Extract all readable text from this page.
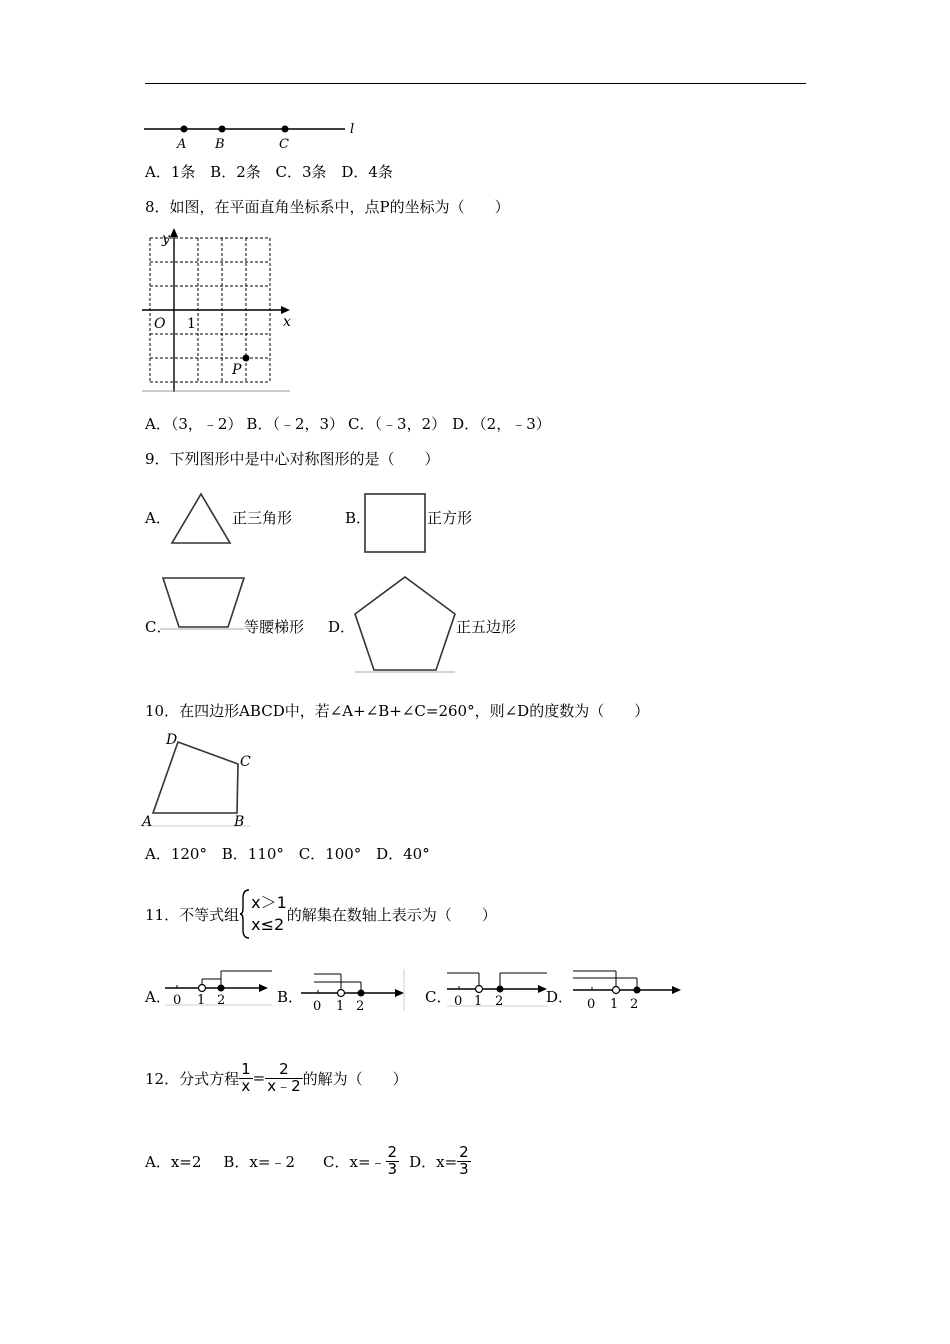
A B	C
l
A．1条 B．2条 C．3条 D．4条
8．如图，在平面直角坐标系中，点P的坐标为（　　）
y
x
O 1
P
A．（3，﹣2） B．（﹣2，3） C．（﹣3，2） D．（2，﹣3）
9．下列图形中是中心对称图形的是（　　）
A．	正三角形	B．	正方形
C．	等腰梯形 D．	正五边形
10．在四边形ABCD中，若∠A+∠B+∠C=260°，则∠D的度数为（　　）
A	B
C
D
A．120° B．110° C．100° D．40°
11．不等式组
x＞1
x≤2
的解集在数轴上表示为（　　）
A． 0 1 2	B．
0 1 2
C． 0 1 2	D． 0 1 2
12．分式方程 $\frac{1}{x} = \frac{2}{x﹣2}$ 的解为（　　）
A．x=2 B．x=﹣2 C．x=﹣ $\frac{2}{3}$ D．$x= \frac{2}{3}$
